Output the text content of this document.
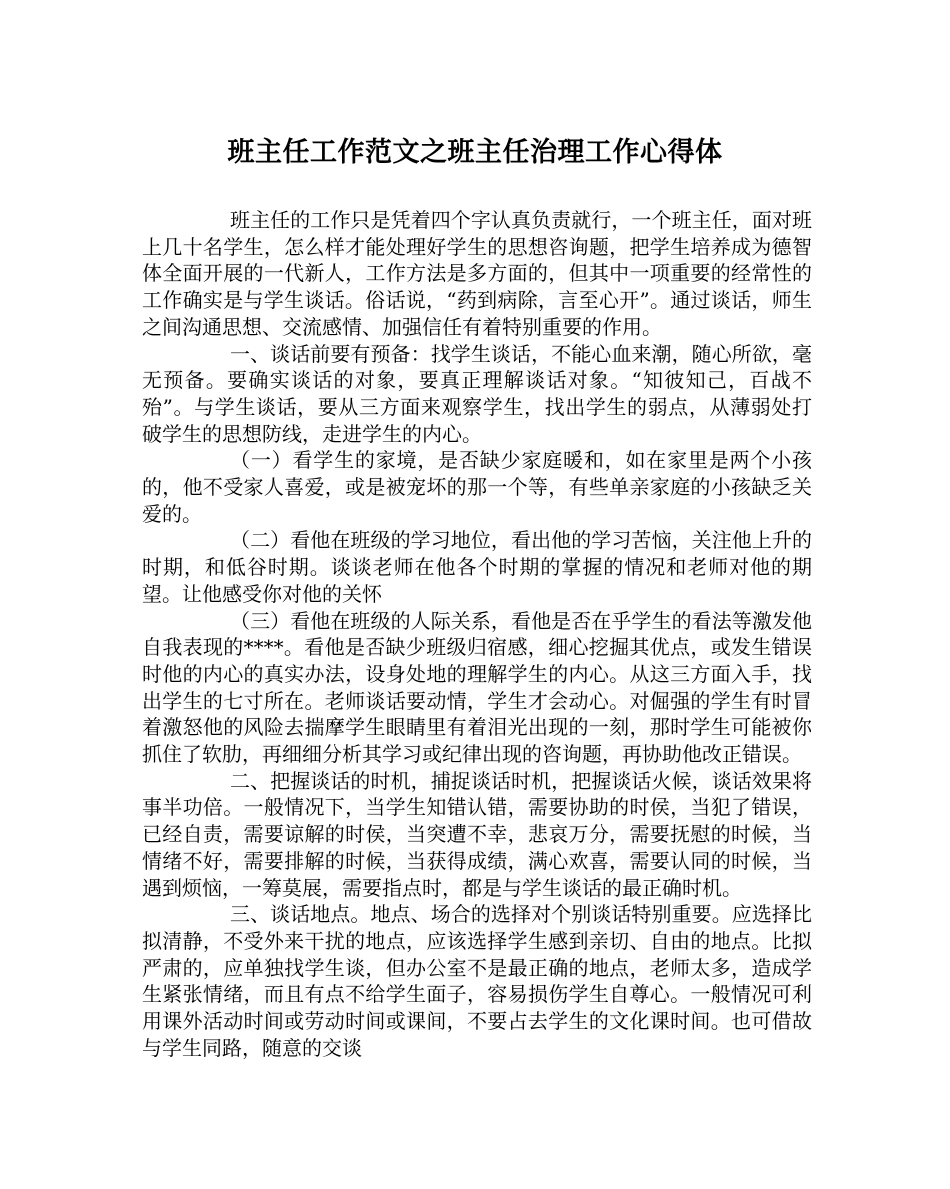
班主任工作范文之班主任治理工作心得体

班主任的工作只是凭着四个字认真负责就行，一个班主任，面对班上几十名学生，怎么样才能处理好学生的思想咨询题，把学生培养成为德智体全面开展的一代新人，工作方法是多方面的，但其中一项重要的经常性的工作确实是与学生谈话。俗话说，“药到病除，言至心开”。通过谈话，师生之间沟通思想、交流感情、加强信任有着特别重要的作用。

一、谈话前要有预备：找学生谈话，不能心血来潮，随心所欲，毫无预备。要确实谈话的对象，要真正理解谈话对象。“知彼知己，百战不殆”。与学生谈话，要从三方面来观察学生，找出学生的弱点，从薄弱处打破学生的思想防线，走进学生的内心。

（一）看学生的家境，是否缺少家庭暖和，如在家里是两个小孩的，他不受家人喜爱，或是被宠坏的那一个等，有些单亲家庭的小孩缺乏关爱的。

（二）看他在班级的学习地位，看出他的学习苦恼，关注他上升的时期，和低谷时期。谈谈老师在他各个时期的掌握的情况和老师对他的期望。让他感受你对他的关怀

（三）看他在班级的人际关系，看他是否在乎学生的看法等激发他自我表现的****。看他是否缺少班级归宿感，细心挖掘其优点，或发生错误时他的内心的真实办法，设身处地的理解学生的内心。从这三方面入手，找出学生的七寸所在。老师谈话要动情，学生才会动心。对倔强的学生有时冒着激怒他的风险去揣摩学生眼睛里有着泪光出现的一刻，那时学生可能被你抓住了软肋，再细细分析其学习或纪律出现的咨询题，再协助他改正错误。

二、把握谈话的时机，捕捉谈话时机，把握谈话火候，谈话效果将事半功倍。一般情况下，当学生知错认错，需要协助的时侯，当犯了错误，已经自责，需要谅解的时侯，当突遭不幸，悲哀万分，需要抚慰的时候，当情绪不好，需要排解的时候，当获得成绩，满心欢喜，需要认同的时候，当遇到烦恼，一筹莫展，需要指点时，都是与学生谈话的最正确时机。

三、谈话地点。地点、场合的选择对个别谈话特别重要。应选择比拟清静，不受外来干扰的地点，应该选择学生感到亲切、自由的地点。比拟严肃的，应单独找学生谈，但办公室不是最正确的地点，老师太多，造成学生紧张情绪，而且有点不给学生面子，容易损伤学生自尊心。一般情况可利用课外活动时间或劳动时间或课间，不要占去学生的文化课时间。也可借故与学生同路，随意的交谈
